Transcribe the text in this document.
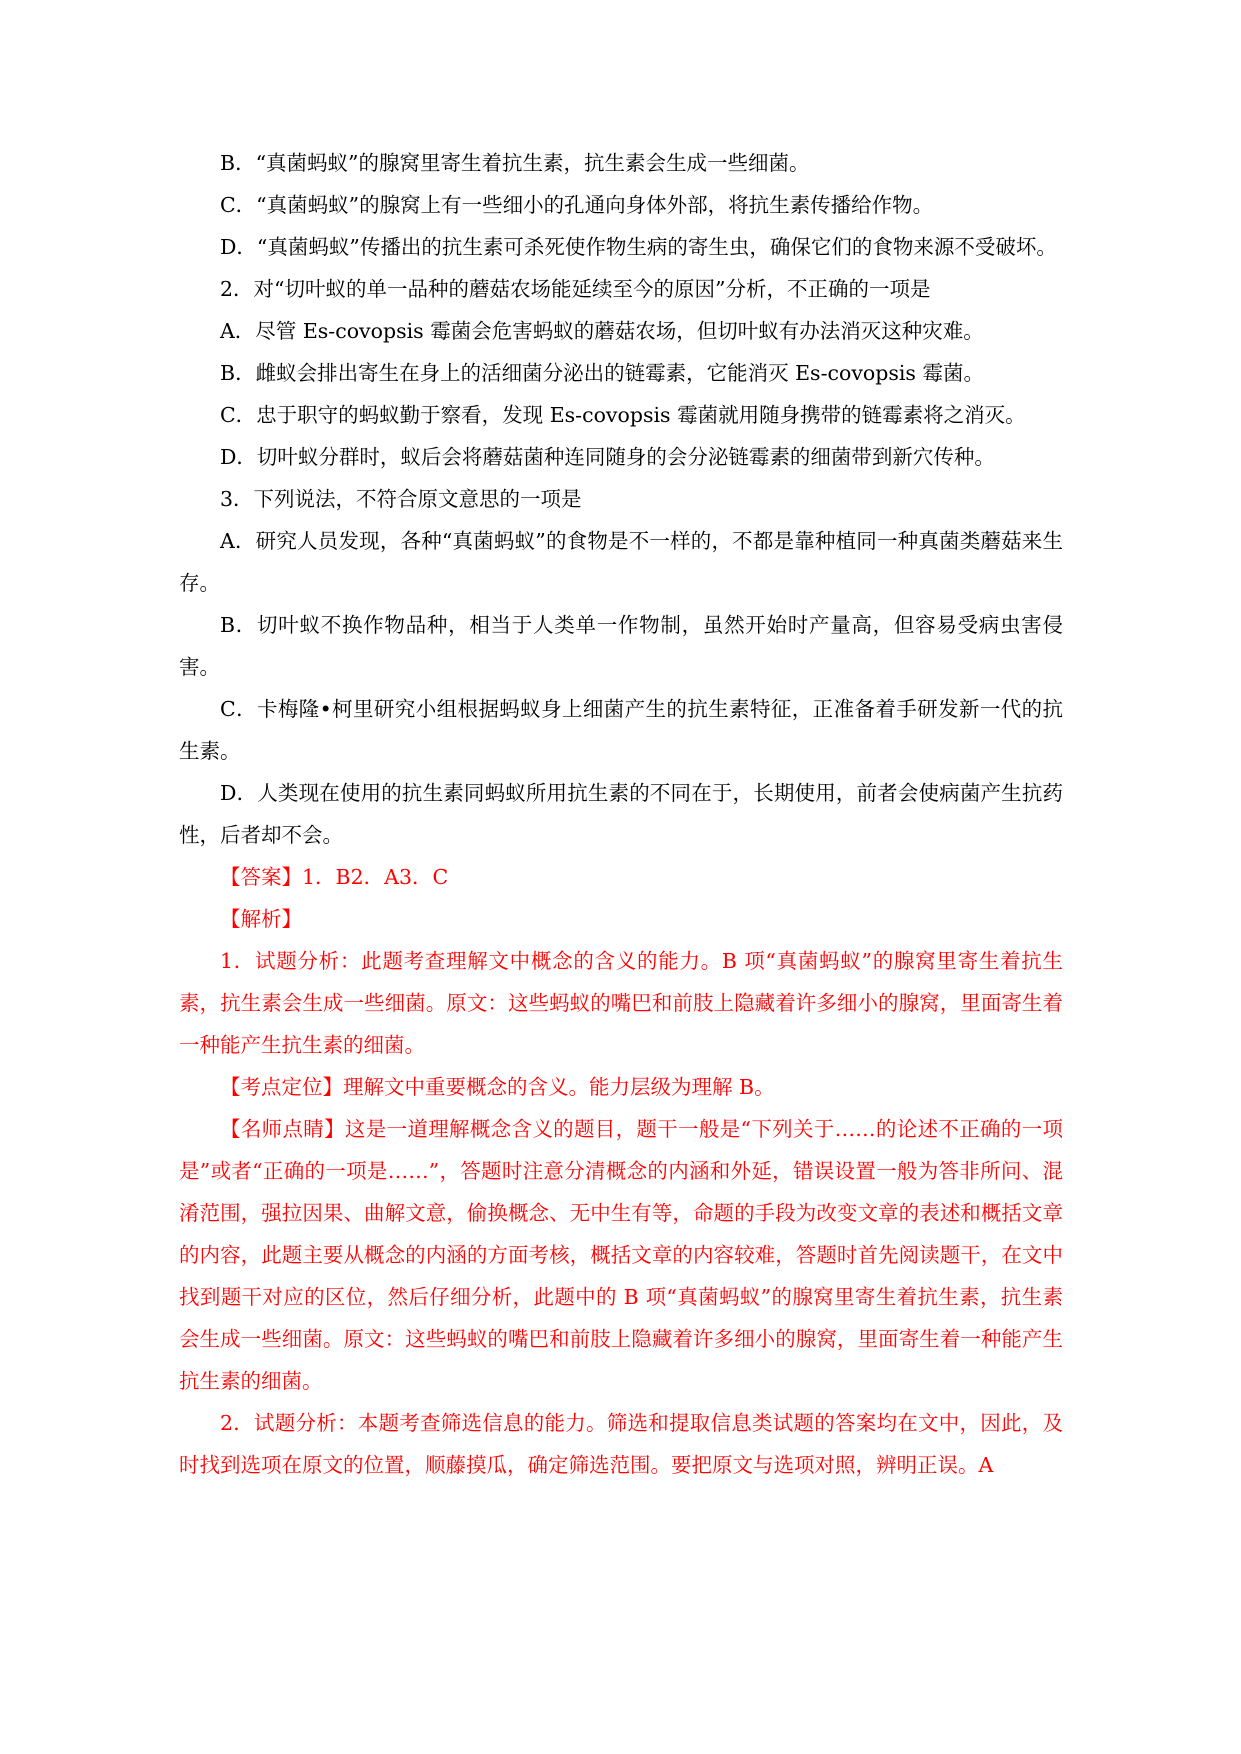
B．“真菌蚂蚁”的腺窝里寄生着抗生素，抗生素会生成一些细菌。

C．“真菌蚂蚁”的腺窝上有一些细小的孔通向身体外部，将抗生素传播给作物。

D．“真菌蚂蚁”传播出的抗生素可杀死使作物生病的寄生虫，确保它们的食物来源不受破坏。

2．对“切叶蚁的单一品种的蘑菇农场能延续至今的原因”分析，不正确的一项是

A．尽管 Es-covopsis 霉菌会危害蚂蚁的蘑菇农场，但切叶蚁有办法消灭这种灾难。

B．雌蚁会排出寄生在身上的活细菌分泌出的链霉素，它能消灭 Es-covopsis 霉菌。

C．忠于职守的蚂蚁勤于察看，发现 Es-covopsis 霉菌就用随身携带的链霉素将之消灭。

D．切叶蚁分群时，蚁后会将蘑菇菌种连同随身的会分泌链霉素的细菌带到新穴传种。

3．下列说法，不符合原文意思的一项是

A．研究人员发现，各种“真菌蚂蚁”的食物是不一样的，不都是靠种植同一种真菌类蘑菇来生存。

B．切叶蚁不换作物品种，相当于人类单一作物制，虽然开始时产量高，但容易受病虫害侵害。

C．卡梅隆•柯里研究小组根据蚂蚁身上细菌产生的抗生素特征，正准备着手研发新一代的抗生素。

D．人类现在使用的抗生素同蚂蚁所用抗生素的不同在于，长期使用，前者会使病菌产生抗药性，后者却不会。

【答案】1．B2．A3．C

【解析】

1．试题分析：此题考查理解文中概念的含义的能力。B 项“真菌蚂蚁”的腺窝里寄生着抗生素，抗生素会生成一些细菌。原文：这些蚂蚁的嘴巴和前肢上隐藏着许多细小的腺窝，里面寄生着一种能产生抗生素的细菌。

【考点定位】理解文中重要概念的含义。能力层级为理解 B。

【名师点睛】这是一道理解概念含义的题目，题干一般是“下列关于……的论述不正确的一项是”或者“正确的一项是……”，答题时注意分清概念的内涵和外延，错误设置一般为答非所问、混淆范围，强拉因果、曲解文意，偷换概念、无中生有等，命题的手段为改变文章的表述和概括文章的内容，此题主要从概念的内涵的方面考核，概括文章的内容较难，答题时首先阅读题干，在文中找到题干对应的区位，然后仔细分析，此题中的 B 项“真菌蚂蚁”的腺窝里寄生着抗生素，抗生素会生成一些细菌。原文：这些蚂蚁的嘴巴和前肢上隐藏着许多细小的腺窝，里面寄生着一种能产生抗生素的细菌。

2．试题分析：本题考查筛选信息的能力。筛选和提取信息类试题的答案均在文中，因此，及时找到选项在原文的位置，顺藤摸瓜，确定筛选范围。要把原文与选项对照，辨明正误。A
